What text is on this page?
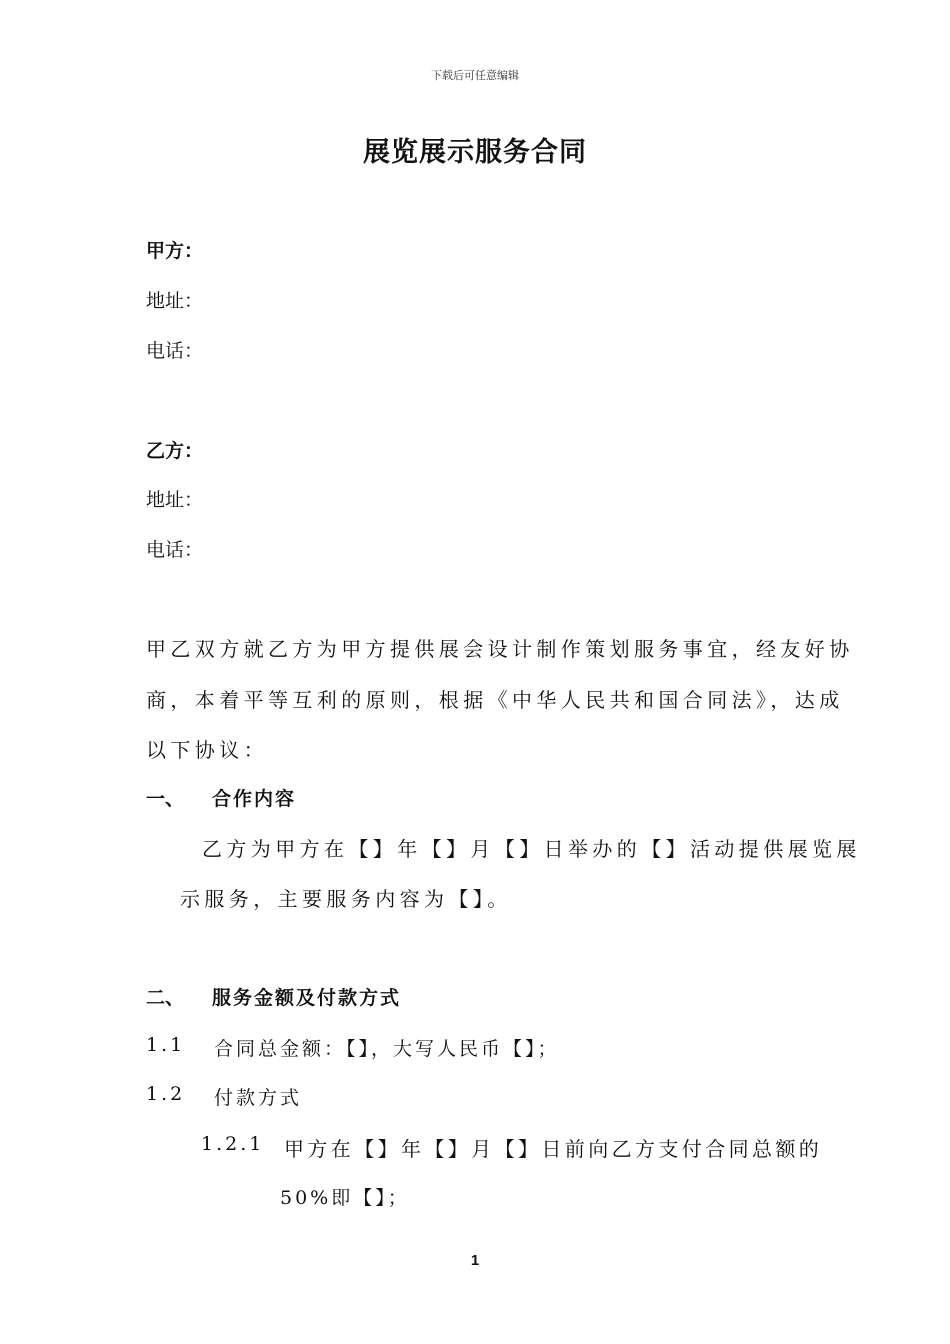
下载后可任意编辑
展览展示服务合同
甲方：
地址：
电话：
乙方：
地址：
电话：
甲乙双方就乙方为甲方提供展会设计制作策划服务事宜，经友好协
商，本着平等互利的原则，根据《中华人民共和国合同法》，达成
以下协议：
一、 合作内容
乙方为甲方在【】年【】月【】日举办的【】活动提供展览展
示服务，主要服务内容为【】。
二、 服务金额及付款方式
1.1 合同总金额：【】，大写人民币【】；
1.2 付款方式
1.2.1 甲方在【】年【】月【】日前向乙方支付合同总额的
50%即【】；
1
